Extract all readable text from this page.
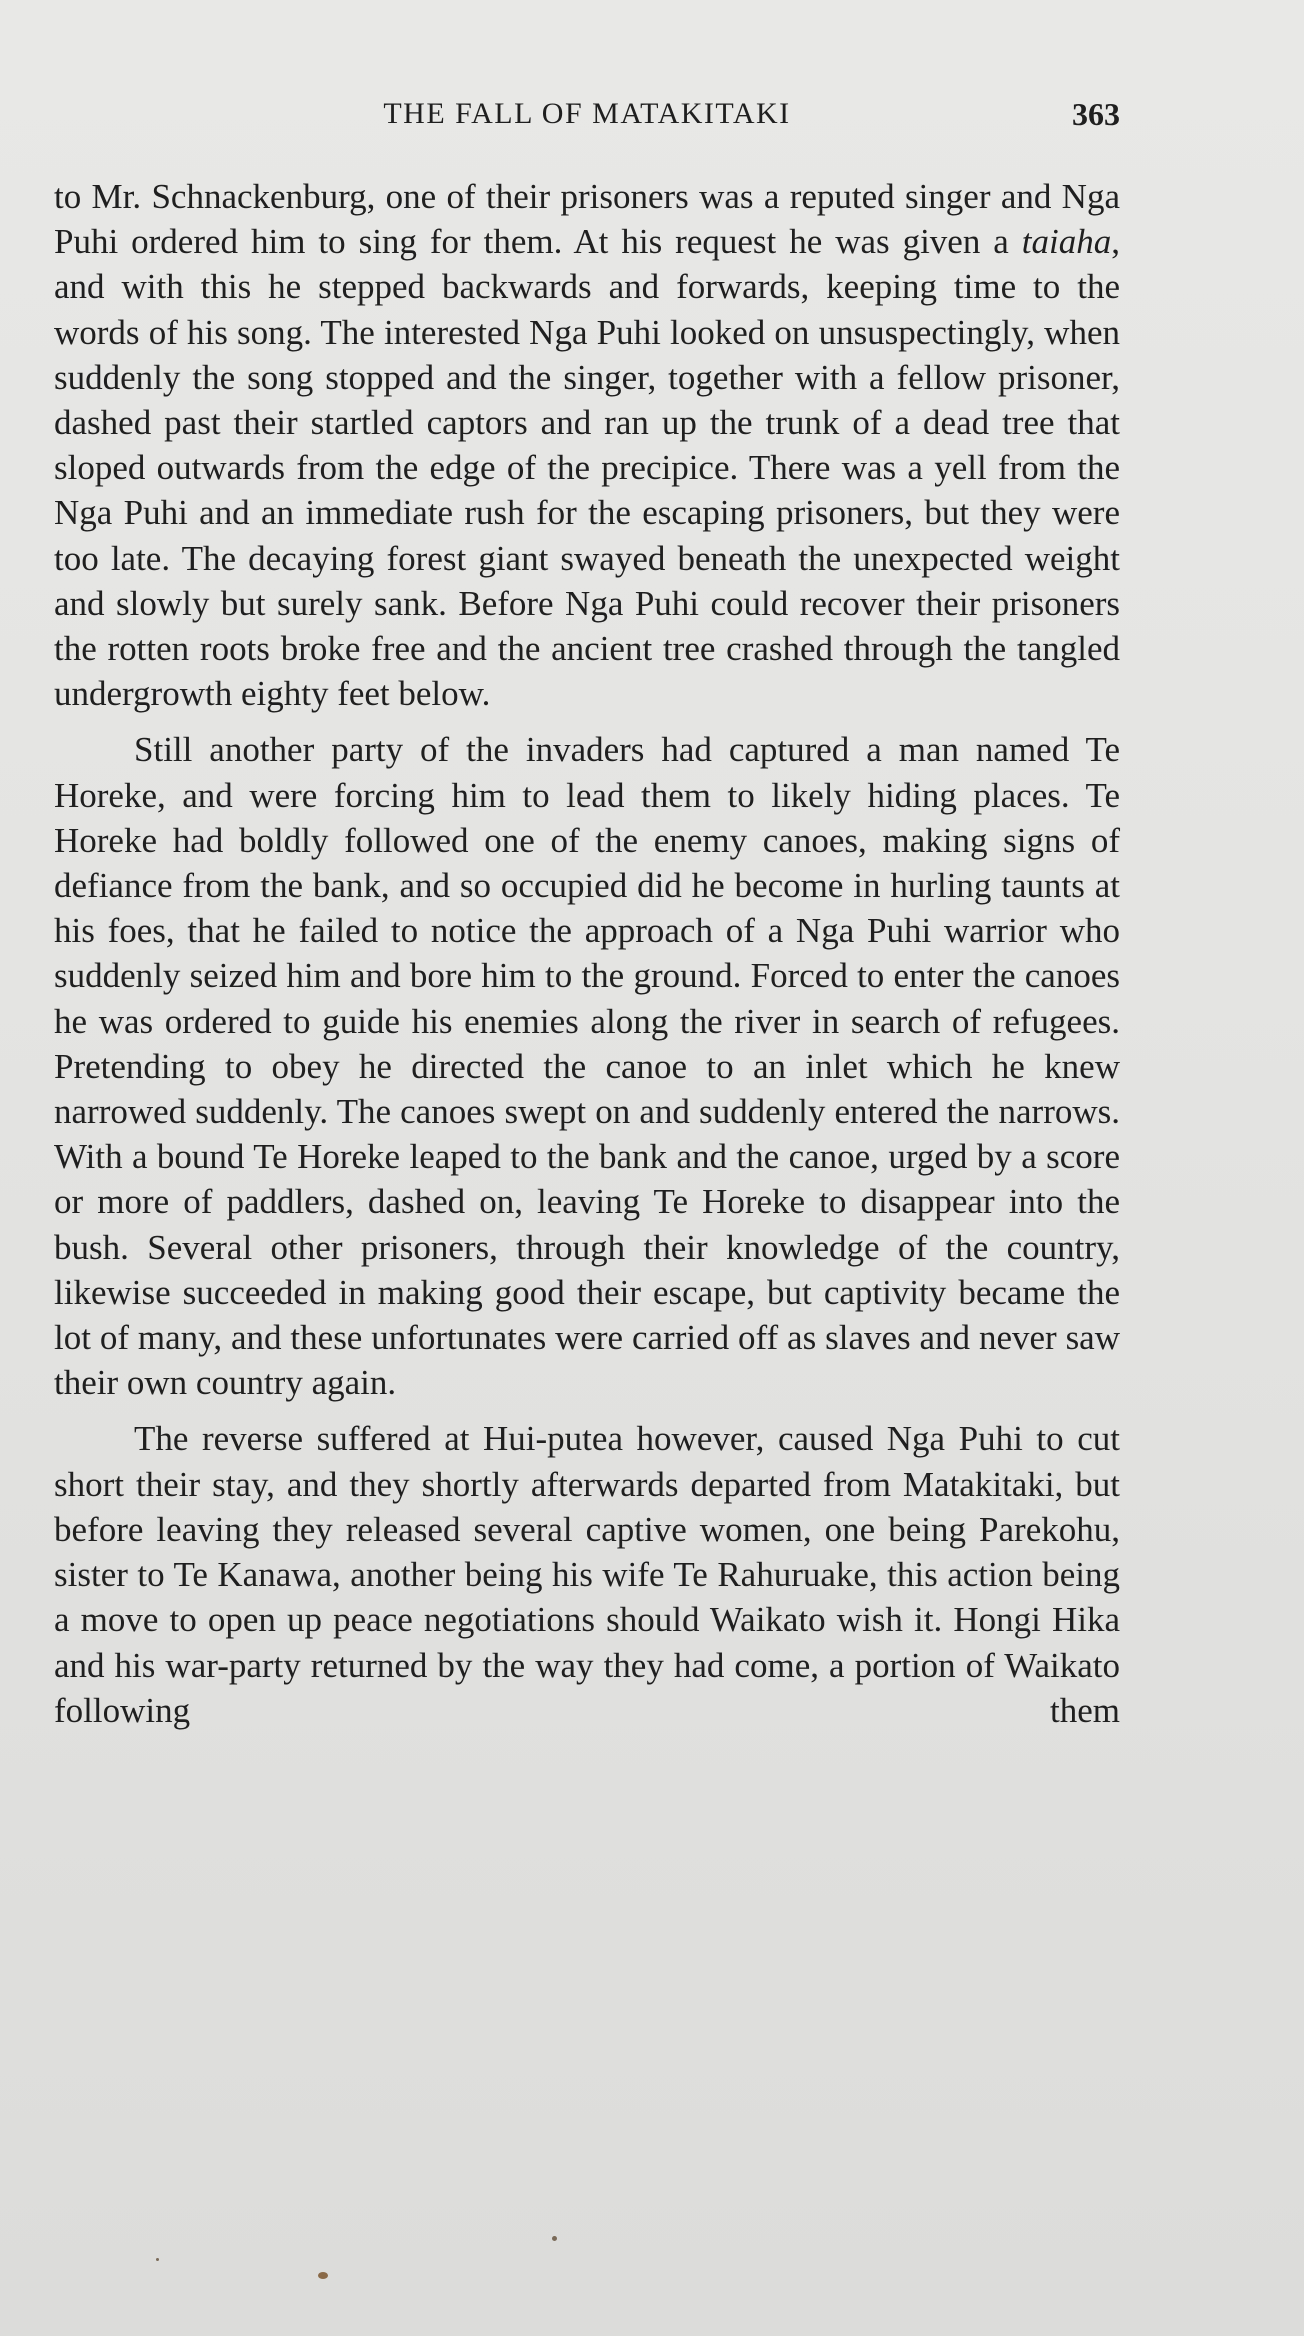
THE FALL OF MATAKITAKI	363

to Mr. Schnackenburg, one of their prisoners was a reputed singer and Nga Puhi ordered him to sing for them. At his request he was given a taiaha, and with this he stepped backwards and forwards, keeping time to the words of his song. The interested Nga Puhi looked on unsuspectingly, when suddenly the song stopped and the singer, together with a fellow prisoner, dashed past their startled captors and ran up the trunk of a dead tree that sloped outwards from the edge of the precipice. There was a yell from the Nga Puhi and an immediate rush for the escaping prisoners, but they were too late. The decaying forest giant swayed beneath the unexpected weight and slowly but surely sank. Before Nga Puhi could recover their prisoners the rotten roots broke free and the ancient tree crashed through the tangled undergrowth eighty feet below.

Still another party of the invaders had captured a man named Te Horeke, and were forcing him to lead them to likely hiding places. Te Horeke had boldly followed one of the enemy canoes, making signs of defiance from the bank, and so occupied did he become in hurling taunts at his foes, that he failed to notice the approach of a Nga Puhi warrior who suddenly seized him and bore him to the ground. Forced to enter the canoes he was ordered to guide his enemies along the river in search of refugees. Pretending to obey he directed the canoe to an inlet which he knew narrowed suddenly. The canoes swept on and suddenly entered the narrows. With a bound Te Horeke leaped to the bank and the canoe, urged by a score or more of paddlers, dashed on, leaving Te Horeke to disappear into the bush. Several other prisoners, through their knowledge of the country, likewise succeeded in making good their escape, but captivity became the lot of many, and these unfortunates were carried off as slaves and never saw their own country again.

The reverse suffered at Hui-putea however, caused Nga Puhi to cut short their stay, and they shortly afterwards departed from Matakitaki, but before leaving they released several captive women, one being Parekohu, sister to Te Kanawa, another being his wife Te Rahuruake, this action being a move to open up peace negotiations should Waikato wish it. Hongi Hika and his war-party returned by the way they had come, a portion of Waikato following them
